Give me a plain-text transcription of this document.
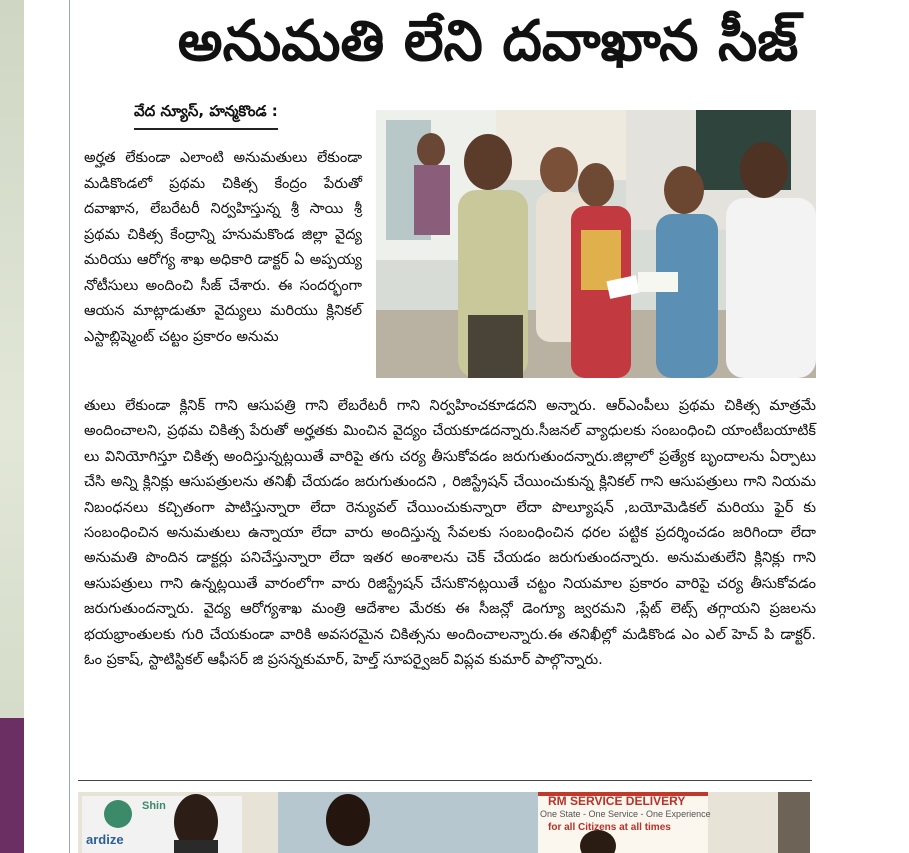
అనుమతి లేని దవాఖాన సీజ్
వేద న్యూస్, హన్మకొండ :

అర్హత లేకుండా ఎలాంటి అనుమతులు లేకుండా మడికొండలో ప్రథమ చికిత్స కేంద్రం పేరుతో దవాఖాన, లేబరేటరీ నిర్వహిస్తున్న శ్రీ సాయి శ్రీ ప్రథమ చికిత్స కేంద్రాన్ని హనుమకొండ జిల్లా వైద్య మరియు ఆరోగ్య శాఖ అధికారి డాక్టర్ ఏ అప్పయ్య నోటీసులు అందించి సీజ్ చేశారు. ఈ సందర్భంగా ఆయన మాట్లాడుతూ వైద్యులు మరియు క్లినికల్ ఎస్టాబ్లిష్మెంట్ చట్టం ప్రకారం అనుమ

తులు లేకుండా క్లినిక్ గాని ఆసుపత్రి గాని లేబరేటరీ గాని నిర్వహించకూడదని అన్నారు. ఆర్ఎంపీలు ప్రథమ చికిత్స మాత్రమే అందించాలని, ప్రథమ చికిత్స పేరుతో అర్హతకు మించిన వైద్యం చేయకూడదన్నారు.సీజనల్ వ్యాధులకు సంబంధించి యాంటీబయాటిక్ లు వినియోగిస్తూ చికిత్స అందిస్తున్నట్లయితే వారిపై తగు చర్య తీసుకోవడం జరుగుతుందన్నారు.జిల్లాలో ప్రత్యేక బృందాలను ఏర్పాటు చేసి అన్ని క్లినిక్లు ఆసుపత్రులను తనిఖీ చేయడం జరుగుతుందని , రిజిస్ట్రేషన్ చేయించుకున్న క్లినికల్ గాని ఆసుపత్రులు గాని నియమ నిబంధనలు కచ్చితంగా పాటిస్తున్నారా లేదా రెన్యువల్ చేయించుకున్నారా లేదా పొల్యూషన్ ,బయోమెడికల్ మరియు ఫైర్ కు సంబంధించిన అనుమతులు ఉన్నాయా లేదా వారు అందిస్తున్న సేవలకు సంబంధించిన ధరల పట్టిక ప్రదర్శించడం జరిగిందా లేదా అనుమతి పొందిన డాక్టర్లు పనిచేస్తున్నారా లేదా ఇతర అంశాలను చెక్ చేయడం జరుగుతుందన్నారు. అనుమతులేని క్లినిక్లు గాని ఆసుపత్రులు గాని ఉన్నట్లయితే వారంలోగా వారు రిజిస్ట్రేషన్ చేసుకొనట్లయితే చట్టం నియమాల ప్రకారం వారిపై చర్య తీసుకోవడం జరుగుతుందన్నారు. వైద్య ఆరోగ్యశాఖ మంత్రి ఆదేశాల మేరకు ఈ సీజన్లో డెంగ్యూ జ్వరమని ,ప్లేట్ లెట్స్ తగ్గాయని ప్రజలను భయభ్రాంతులకు గురి చేయకుండా వారికి అవసరమైన చికిత్సను అందించాలన్నారు.ఈ తనిఖీల్లో మడికొండ ఎం ఎల్ హెచ్ పి డాక్టర్. ఓం ప్రకాష్, స్టాటిస్టికల్ ఆఫీసర్ జి ప్రసన్నకుమార్, హెల్త్ సూపర్వైజర్ విప్లవ కుమార్ పాల్గొన్నారు.

RM SERVICE DELIVERY
One State - One Service - One Experience
for all Citizens at all times
ardize
Shin
